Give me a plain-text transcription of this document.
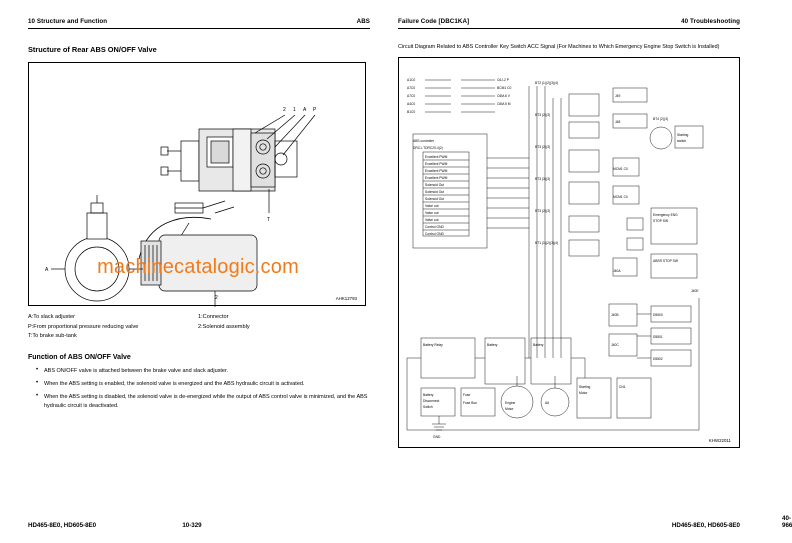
10 Structure and Function	ABS
Structure of Rear ABS ON/OFF Valve
2 1 A P
T
2
A
AHK12793
A:To slack adjuster
P:From proportional pressure reducing valve
T:To brake sub-tank
1:Connector
2:Solenoid assembly
Function of ABS ON/OFF Valve
• ABS ON/OFF valve is attached between the brake valve and slack adjuster.
• When the ABS setting is enabled, the solenoid valve is energized and the ABS hydraulic circuit is activated.
• When the ABS setting is disabled, the solenoid valve is de-energized while the output of ABS control valve is minimized, and the ABS hydraulic circuit is deactivated.
HD465-8E0, HD605-8E0	10-329
Failure Code [DBC1KA]	40 Troubleshooting
Circuit Diagram Related to ABS Controller Key Switch ACC Signal (For Machines to Which Emergency Engine Stop Switch is Installed)
A1C0
A7C0
A7C0
A4C0
B1C0
C6J-2 P
BCM1 C0
C6M-6 V
C6M-5 M
ABS controller
DRC1-TDRC20-4(2)
Excellent PWM
Excellent PWM
Excellent PWM
Excellent PWM
Solenoid Out
Solenoid Out
Solenoid Out
Valve out
Valve out
Valve out
Control GND
Control GND
BT2 (1)(2)(3)(4)
BT3 (2)(3)
BT3 (2)(3)
BT3 (3)(3)
BT3 (2)(3)
BT1 (1)(2)(3)(4)
J49
J48
BT4 (2)(3)
Starting
switch
MCM1 C0
MCM1 C0
Emergency ENG
STOP SW
ABSR STOP SW
J40A
D5500
D5501
D5502
J40B
J40C
Battery Relay	Battery	Battery
Battery
Disconnect
Switch
Fuse
Fuse Box	Engine
Motor
Alt
Starting
Motor
CN1
GND
J40E
KHW22011
40-966
HD465-8E0, HD605-8E0
machinecatalogic.com
